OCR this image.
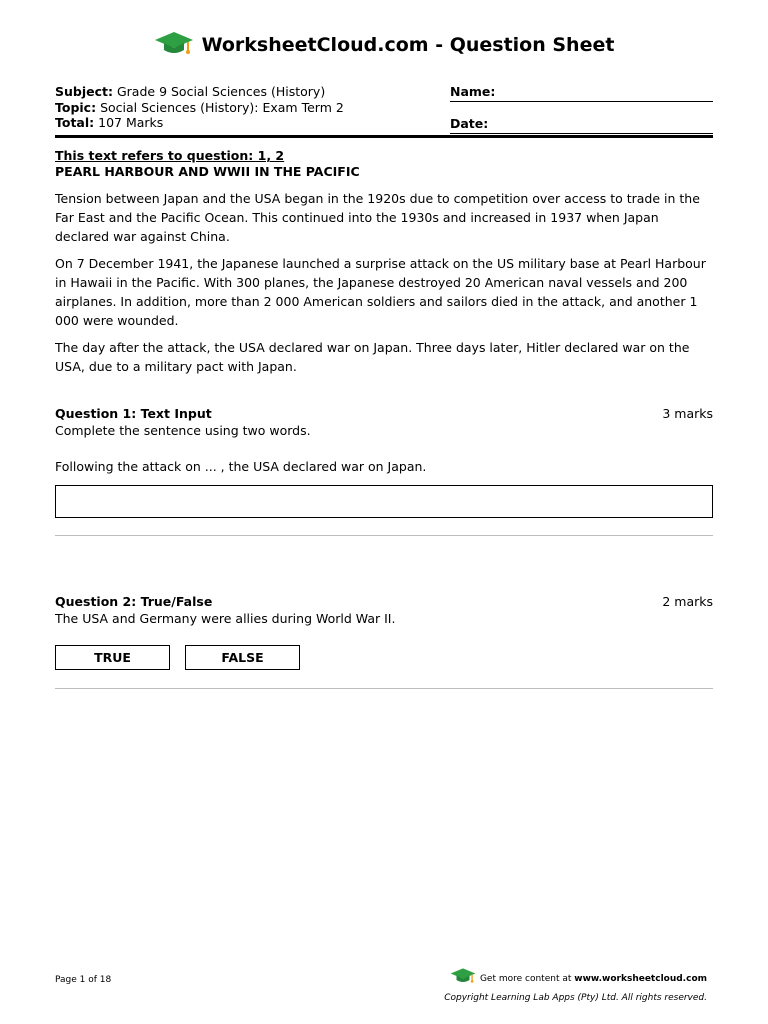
WorksheetCloud.com - Question Sheet
Subject: Grade 9 Social Sciences (History)
Topic: Social Sciences (History): Exam Term 2
Total: 107 Marks
Name:
Date:
This text refers to question: 1, 2
PEARL HARBOUR AND WWII IN THE PACIFIC

Tension between Japan and the USA began in the 1920s due to competition over access to trade in the Far East and the Pacific Ocean. This continued into the 1930s and increased in 1937 when Japan declared war against China.

On 7 December 1941, the Japanese launched a surprise attack on the US military base at Pearl Harbour in Hawaii in the Pacific. With 300 planes, the Japanese destroyed 20 American naval vessels and 200 airplanes. In addition, more than 2 000 American soldiers and sailors died in the attack, and another 1 000 were wounded.

The day after the attack, the USA declared war on Japan. Three days later, Hitler declared war on the USA, due to a military pact with Japan.

Question 1: Text Input	3 marks
Complete the sentence using two words.
Following the attack on ... , the USA declared war on Japan.
Question 2: True/False	2 marks
The USA and Germany were allies during World War II.
TRUE	FALSE
Page 1 of 18	Get more content at www.worksheetcloud.com
Copyright Learning Lab Apps (Pty) Ltd. All rights reserved.
